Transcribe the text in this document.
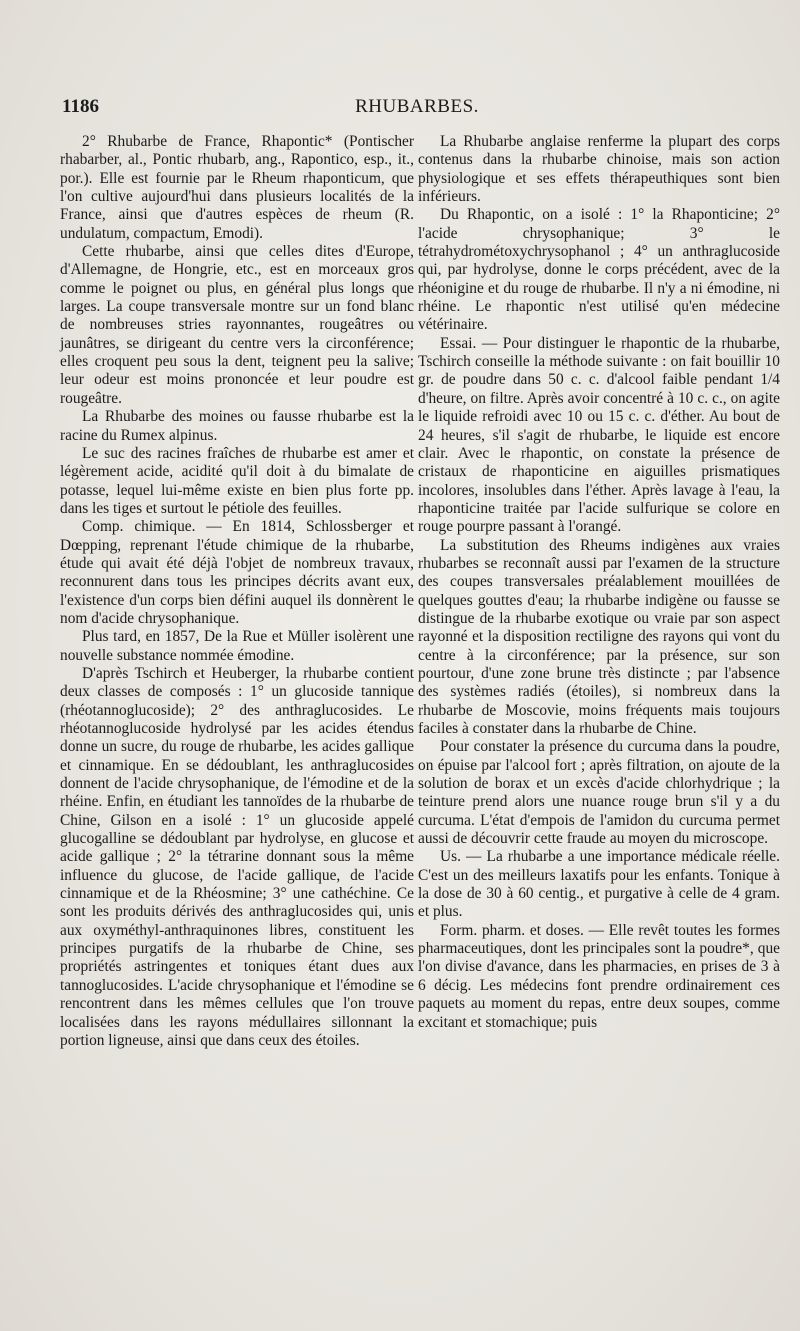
1186	RHUBARBES.

2° Rhubarbe de France, Rhapontic* (Pontischer rhabarber, al., Pontic rhubarb, ang., Rapontico, esp., it., por.). Elle est fournie par le Rheum rhaponticum, que l'on cultive aujourd'hui dans plusieurs localités de la France, ainsi que d'autres espèces de rheum (R. undulatum, compactum, Emodi).

Cette rhubarbe, ainsi que celles dites d'Europe, d'Allemagne, de Hongrie, etc., est en morceaux gros comme le poignet ou plus, en général plus longs que larges. La coupe transversale montre sur un fond blanc de nombreuses stries rayonnantes, rougeâtres ou jaunâtres, se dirigeant du centre vers la circonférence; elles croquent peu sous la dent, teignent peu la salive; leur odeur est moins prononcée et leur poudre est rougeâtre.

La Rhubarbe des moines ou fausse rhubarbe est la racine du Rumex alpinus.

Le suc des racines fraîches de rhubarbe est amer et légèrement acide, acidité qu'il doit à du bimalate de potasse, lequel lui-même existe en bien plus forte pp. dans les tiges et surtout le pétiole des feuilles.

Comp. chimique. — En 1814, Schlossberger et Dœpping, reprenant l'étude chimique de la rhubarbe, étude qui avait été déjà l'objet de nombreux travaux, reconnurent dans tous les principes décrits avant eux, l'existence d'un corps bien défini auquel ils donnèrent le nom d'acide chrysophanique.

Plus tard, en 1857, De la Rue et Müller isolèrent une nouvelle substance nommée émodine.

D'après Tschirch et Heuberger, la rhubarbe contient deux classes de composés : 1° un glucoside tannique (rhéotannoglucoside); 2° des anthraglucosides. Le rhéotannoglucoside hydrolysé par les acides étendus donne un sucre, du rouge de rhubarbe, les acides gallique et cinnamique. En se dédoublant, les anthraglucosides donnent de l'acide chrysophanique, de l'émodine et de la rhéine. Enfin, en étudiant les tannoïdes de la rhubarbe de Chine, Gilson en a isolé : 1° un glucoside appelé glucogalline se dédoublant par hydrolyse, en glucose et acide gallique ; 2° la tétrarine donnant sous la même influence du glucose, de l'acide gallique, de l'acide cinnamique et de la Rhéosmine; 3° une cathéchine. Ce sont les produits dérivés des anthraglucosides qui, unis aux oxyméthyl-anthraquinones libres, constituent les principes purgatifs de la rhubarbe de Chine, ses propriétés astringentes et toniques étant dues aux tannoglucosides. L'acide chrysophanique et l'émodine se rencontrent dans les mêmes cellules que l'on trouve localisées dans les rayons médullaires sillonnant la portion ligneuse, ainsi que dans ceux des étoiles.

La Rhubarbe anglaise renferme la plupart des corps contenus dans la rhubarbe chinoise, mais son action physiologique et ses effets thérapeuthiques sont bien inférieurs.

Du Rhapontic, on a isolé : 1° la Rhaponticine; 2° l'acide chrysophanique; 3° le tétrahydrométoxychrysophanol ; 4° un anthraglucoside qui, par hydrolyse, donne le corps précédent, avec de la rhéonigine et du rouge de rhubarbe. Il n'y a ni émodine, ni rhéine. Le rhapontic n'est utilisé qu'en médecine vétérinaire.

Essai. — Pour distinguer le rhapontic de la rhubarbe, Tschirch conseille la méthode suivante : on fait bouillir 10 gr. de poudre dans 50 c. c. d'alcool faible pendant 1/4 d'heure, on filtre. Après avoir concentré à 10 c. c., on agite le liquide refroidi avec 10 ou 15 c. c. d'éther. Au bout de 24 heures, s'il s'agit de rhubarbe, le liquide est encore clair. Avec le rhapontic, on constate la présence de cristaux de rhaponticine en aiguilles prismatiques incolores, insolubles dans l'éther. Après lavage à l'eau, la rhaponticine traitée par l'acide sulfurique se colore en rouge pourpre passant à l'orangé.

La substitution des Rheums indigènes aux vraies rhubarbes se reconnaît aussi par l'examen de la structure des coupes transversales préalablement mouillées de quelques gouttes d'eau; la rhubarbe indigène ou fausse se distingue de la rhubarbe exotique ou vraie par son aspect rayonné et la disposition rectiligne des rayons qui vont du centre à la circonférence; par la présence, sur son pourtour, d'une zone brune très distincte ; par l'absence des systèmes radiés (étoiles), si nombreux dans la rhubarbe de Moscovie, moins fréquents mais toujours faciles à constater dans la rhubarbe de Chine.

Pour constater la présence du curcuma dans la poudre, on épuise par l'alcool fort ; après filtration, on ajoute de la solution de borax et un excès d'acide chlorhydrique ; la teinture prend alors une nuance rouge brun s'il y a du curcuma. L'état d'empois de l'amidon du curcuma permet aussi de découvrir cette fraude au moyen du microscope.

Us. — La rhubarbe a une importance médicale réelle. C'est un des meilleurs laxatifs pour les enfants. Tonique à la dose de 30 à 60 centig., et purgative à celle de 4 gram. et plus.

Form. pharm. et doses. — Elle revêt toutes les formes pharmaceutiques, dont les principales sont la poudre*, que l'on divise d'avance, dans les pharmacies, en prises de 3 à 6 décig. Les médecins font prendre ordinairement ces paquets au moment du repas, entre deux soupes, comme excitant et stomachique; puis
